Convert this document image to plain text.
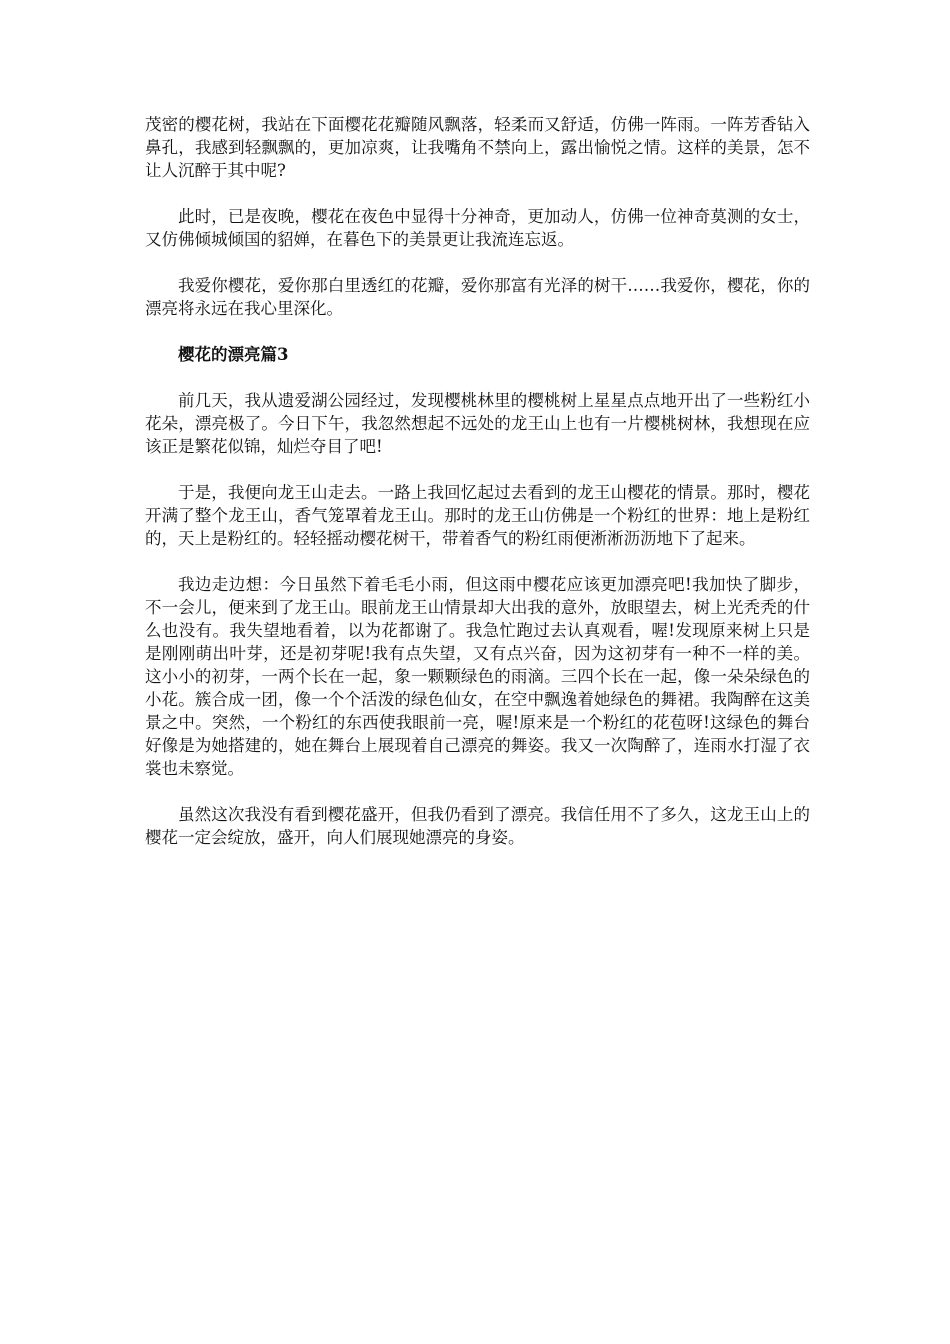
茂密的樱花树，我站在下面樱花花瓣随风飘落，轻柔而又舒适，仿佛一阵雨。一阵芳香钻入鼻孔，我感到轻飘飘的，更加凉爽，让我嘴角不禁向上，露出愉悦之情。这样的美景，怎不让人沉醉于其中呢?

此时，已是夜晚，樱花在夜色中显得十分神奇，更加动人，仿佛一位神奇莫测的女士，又仿佛倾城倾国的貂婵，在暮色下的美景更让我流连忘返。

我爱你樱花，爱你那白里透红的花瓣，爱你那富有光泽的树干……我爱你，樱花，你的漂亮将永远在我心里深化。

樱花的漂亮篇3

前几天，我从遗爱湖公园经过，发现樱桃林里的樱桃树上星星点点地开出了一些粉红小花朵，漂亮极了。今日下午，我忽然想起不远处的龙王山上也有一片樱桃树林，我想现在应该正是繁花似锦，灿烂夺目了吧!

于是，我便向龙王山走去。一路上我回忆起过去看到的龙王山樱花的情景。那时，樱花开满了整个龙王山，香气笼罩着龙王山。那时的龙王山仿佛是一个粉红的世界：地上是粉红的，天上是粉红的。轻轻摇动樱花树干，带着香气的粉红雨便淅淅沥沥地下了起来。

我边走边想：今日虽然下着毛毛小雨，但这雨中樱花应该更加漂亮吧!我加快了脚步，不一会儿，便来到了龙王山。眼前龙王山情景却大出我的意外，放眼望去，树上光秃秃的什么也没有。我失望地看着，以为花都谢了。我急忙跑过去认真观看，喔!发现原来树上只是是刚刚萌出叶芽，还是初芽呢!我有点失望，又有点兴奋，因为这初芽有一种不一样的美。这小小的初芽，一两个长在一起，象一颗颗绿色的雨滴。三四个长在一起，像一朵朵绿色的小花。簇合成一团，像一个个活泼的绿色仙女，在空中飘逸着她绿色的舞裙。我陶醉在这美景之中。突然，一个粉红的东西使我眼前一亮，喔!原来是一个粉红的花苞呀!这绿色的舞台好像是为她搭建的，她在舞台上展现着自己漂亮的舞姿。我又一次陶醉了，连雨水打湿了衣裳也未察觉。

虽然这次我没有看到樱花盛开，但我仍看到了漂亮。我信任用不了多久，这龙王山上的樱花一定会绽放，盛开，向人们展现她漂亮的身姿。
